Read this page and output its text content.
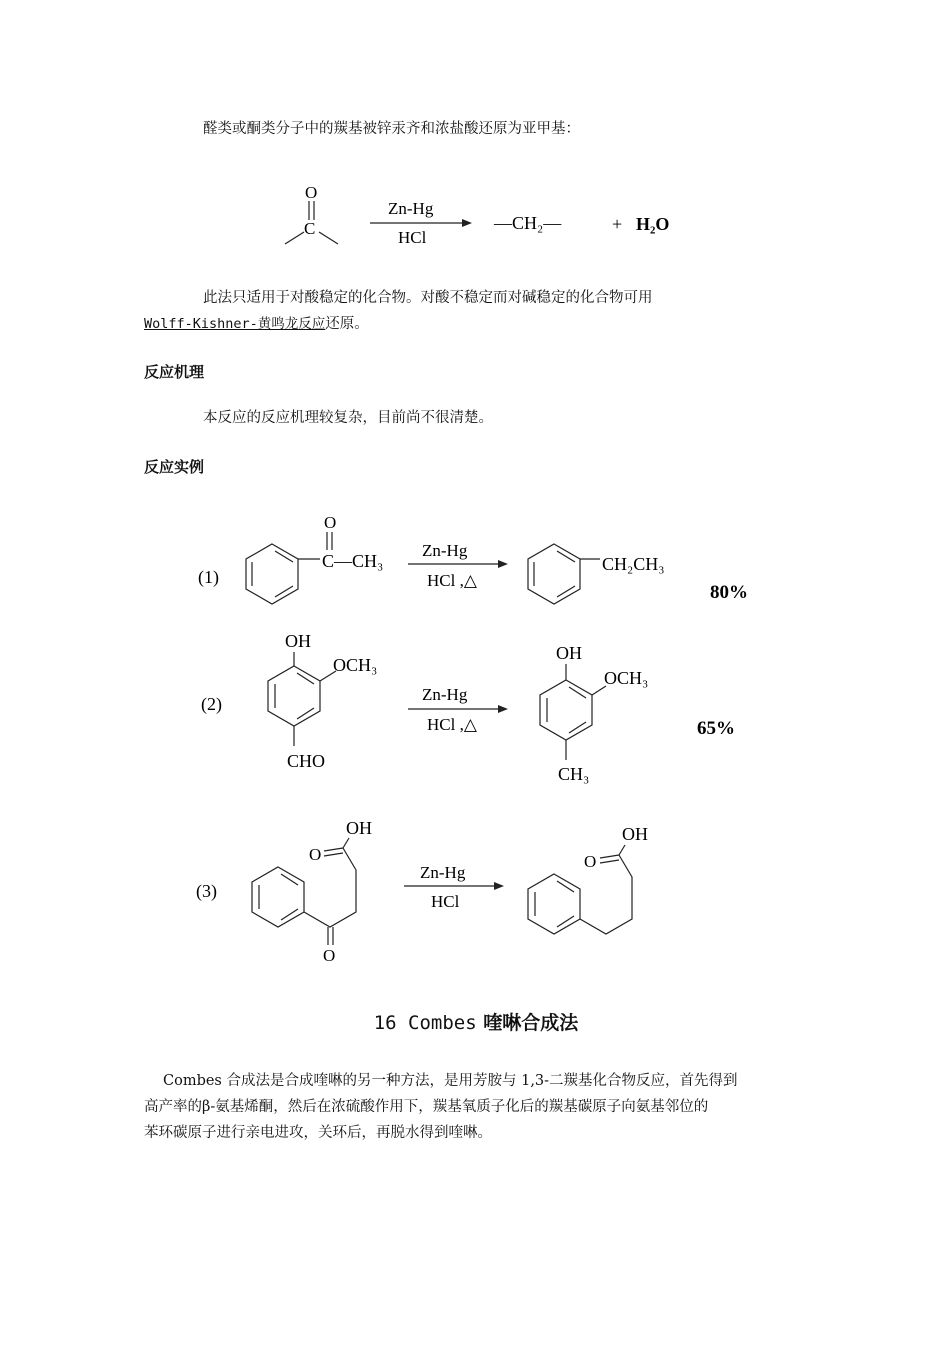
醛类或酮类分子中的羰基被锌汞齐和浓盐酸还原为亚甲基：
O
C
Zn-Hg
HCl
—CH₂—	+ H₂O
(1)
O
C—CH₃
Zn-Hg
HCl ,△
CH₂CH₃
80%
(2)
OH
OCH₃
CHO
Zn-Hg
HCl ,△
OH
OCH₃
CH₃
65%
(3)
O
OH
O
Zn-Hg
HCl
OH
O
此法只适用于对酸稳定的化合物。对酸不稳定而对碱稳定的化合物可用
Wolff-Kishner-黄鸣龙反应还原。
反应机理
本反应的反应机理较复杂，目前尚不很清楚。
反应实例
16 Combes 喹啉合成法
Combes 合成法是合成喹啉的另一种方法，是用芳胺与 1,3-二羰基化合物反应，首先得到
高产率的β-氨基烯酮，然后在浓硫酸作用下，羰基氧质子化后的羰基碳原子向氨基邻位的
苯环碳原子进行亲电进攻，关环后，再脱水得到喹啉。
